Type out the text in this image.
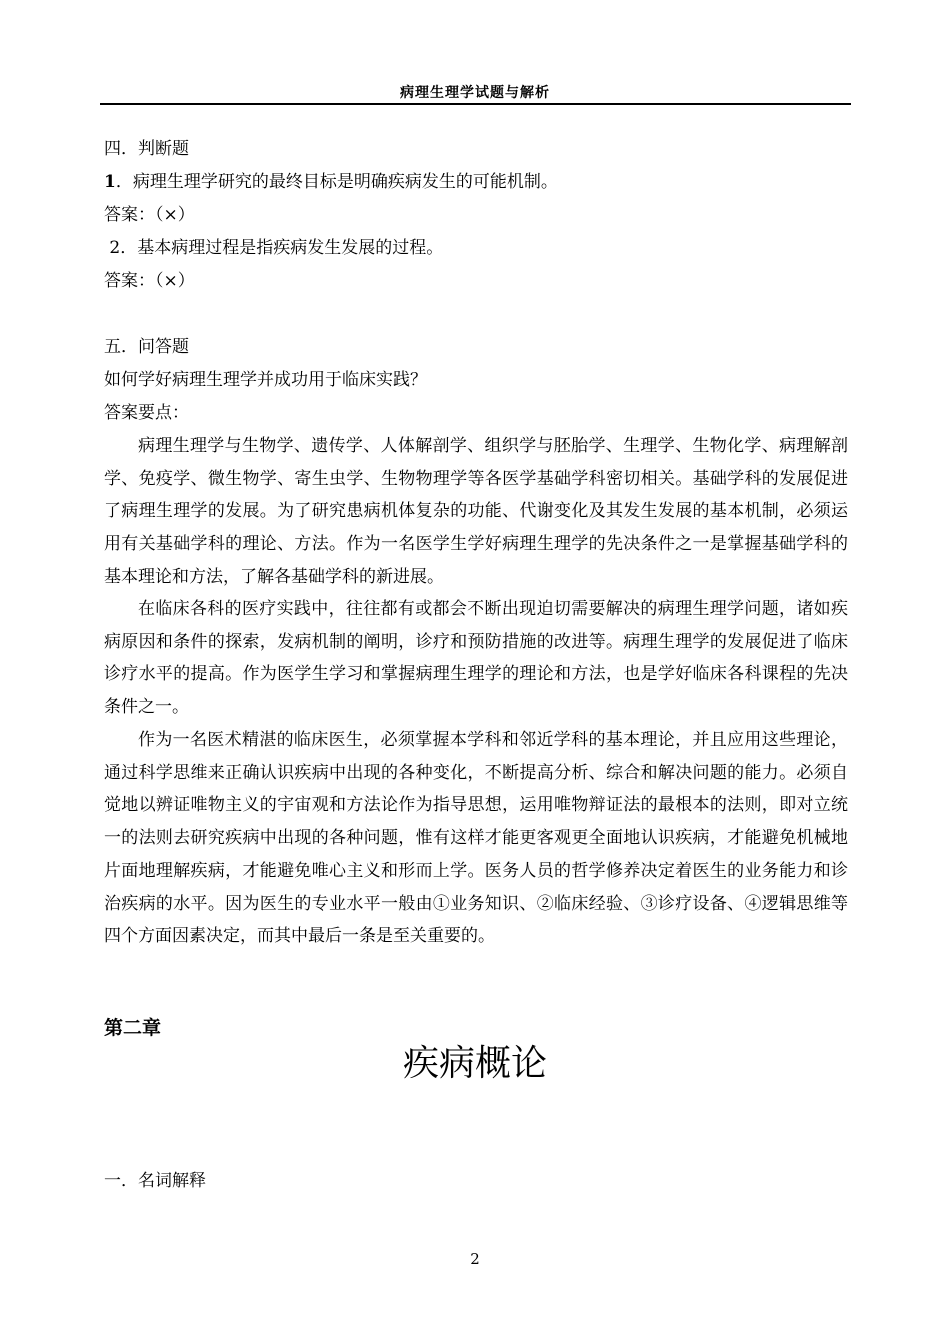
病理生理学试题与解析
四．判断题
1．病理生理学研究的最终目标是明确疾病发生的可能机制。
答案：（×）
2．基本病理过程是指疾病发生发展的过程。
答案：（×）
五．问答题
如何学好病理生理学并成功用于临床实践？
答案要点：
病理生理学与生物学、遗传学、人体解剖学、组织学与胚胎学、生理学、生物化学、病理解剖学、免疫学、微生物学、寄生虫学、生物物理学等各医学基础学科密切相关。基础学科的发展促进了病理生理学的发展。为了研究患病机体复杂的功能、代谢变化及其发生发展的基本机制，必须运用有关基础学科的理论、方法。作为一名医学生学好病理生理学的先决条件之一是掌握基础学科的基本理论和方法，了解各基础学科的新进展。
在临床各科的医疗实践中，往往都有或都会不断出现迫切需要解决的病理生理学问题，诸如疾病原因和条件的探索，发病机制的阐明，诊疗和预防措施的改进等。病理生理学的发展促进了临床诊疗水平的提高。作为医学生学习和掌握病理生理学的理论和方法，也是学好临床各科课程的先决条件之一。
作为一名医术精湛的临床医生，必须掌握本学科和邻近学科的基本理论，并且应用这些理论，通过科学思维来正确认识疾病中出现的各种变化，不断提高分析、综合和解决问题的能力。必须自觉地以辨证唯物主义的宇宙观和方法论作为指导思想，运用唯物辩证法的最根本的法则，即对立统一的法则去研究疾病中出现的各种问题，惟有这样才能更客观更全面地认识疾病，才能避免机械地片面地理解疾病，才能避免唯心主义和形而上学。医务人员的哲学修养决定着医生的业务能力和诊治疾病的水平。因为医生的专业水平一般由①业务知识、②临床经验、③诊疗设备、④逻辑思维等四个方面因素决定，而其中最后一条是至关重要的。
第二章
疾病概论
一．名词解释
2
